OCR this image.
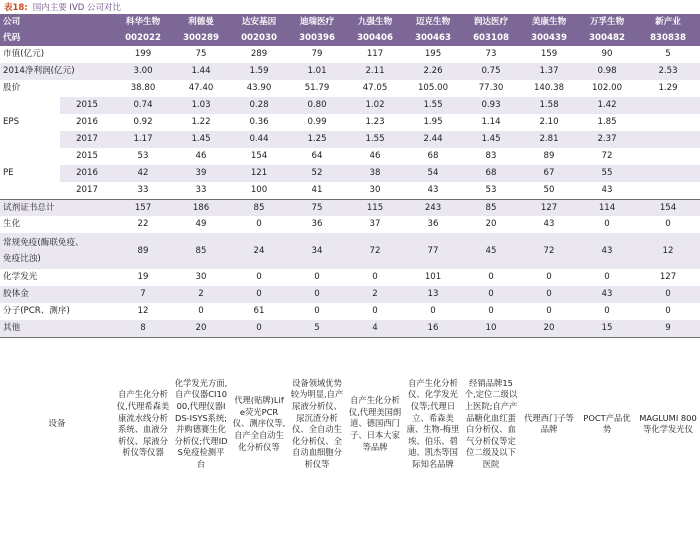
表18: 国内主要 IVD 公司对比
公司		科华生物	利德曼	达安基因	迪瑞医疗	九强生物	迈克生物	润达医疗	美康生物	万孚生物	新产业
代码		002022	300289	002030	300396	300406	300463	603108	300439	300482	830838
市值(亿元)		199	75	289	79	117	195	73	159	90	5
2014净利润(亿元)		3.00	1.44	1.59	1.01	2.11	2.26	0.75	1.37	0.98	2.53
股价		38.80	47.40	43.90	51.79	47.05	105.00	77.30	140.38	102.00	1.29
EPS	2015	0.74	1.03	0.28	0.80	1.02	1.55	0.93	1.58	1.42	
	2016	0.92	1.22	0.36	0.99	1.23	1.95	1.14	2.10	1.85	
	2017	1.17	1.45	0.44	1.25	1.55	2.44	1.45	2.81	2.37	
PE	2015	53	46	154	64	46	68	83	89	72	
	2016	42	39	121	52	38	54	68	67	55	
	2017	33	33	100	41	30	43	53	50	43	
试剂证书总计		157	186	85	75	115	243	85	127	114	154
生化		22	49	0	36	37	36	20	43	0	0

常规免疫(酶联免疫、
免疫比浊)		89	85	24	34	72	77	45	72	43	12
化学发光		19	30	0	0	0	101	0	0	0	127
胶体金		7	2	0	0	2	13	0	0	43	0
分子(PCR、测序)		12	0	61	0	0	0	0	0	0	0
其他		8	20	0	5	4	16	10	20	15	9
设备		自产生化分析仪,代理希森美康流水线分析系统、血液分析仪、尿液分析仪等仪器	化学发光方面,自产仪器CI1000,代理仪器IDS-ISYS系统;并购德赛生化分析仪;代理IDS免疫检测平台	代理(贴牌)Life荧光PCR仪、测序仪等,自产全自动生化分析仪等	设备领域优势较为明显,自产尿液分析仪、尿沉渣分析仪、全自动生化分析仪、全自动血细胞分析仪等	自产生化分析仪,代理美国朗道、德国西门子、日本大家等品牌	自产生化分析仪、化学发光仪等;代理日立、希森美康、生物-梅里埃、伯乐、碧迪、凯杰等国际知名品牌	经销品牌15个,定位二级以上医院;自产产品糖化血红蛋白分析仪、血气分析仪等定位二级及以下医院	代理西门子等品牌	POCT产品优势	MAGLUMI 800等化学发光仪
